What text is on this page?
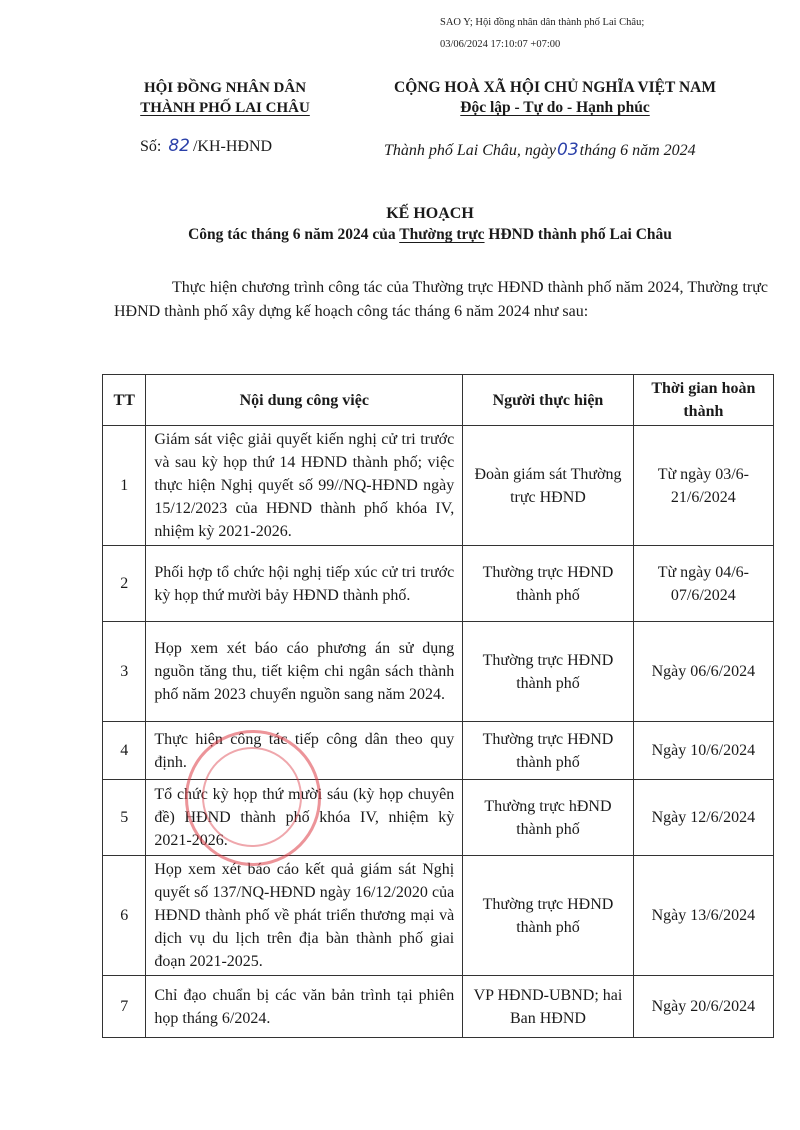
SAO Y; Hội đồng nhân dân thành phố Lai Châu;
03/06/2024 17:10:07 +07:00
HỘI ĐỒNG NHÂN DÂN
THÀNH PHỐ LAI CHÂU
CỘNG HOÀ XÃ HỘI CHỦ NGHĨA VIỆT NAM
Độc lập - Tự do - Hạnh phúc
Số: 82 /KH-HĐND	Thành phố Lai Châu, ngày03tháng 6 năm 2024
KẾ HOẠCH
Công tác tháng 6 năm 2024 của Thường trực HĐND thành phố Lai Châu
Thực hiện chương trình công tác của Thường trực HĐND thành phố năm 2024, Thường trực HĐND thành phố xây dựng kế hoạch công tác tháng 6 năm 2024 như sau:
TT	Nội dung công việc	Người thực hiện	Thời gian hoàn thành
1	Giám sát việc giải quyết kiến nghị cử tri trước và sau kỳ họp thứ 14 HĐND thành phố; việc thực hiện Nghị quyết số 99//NQ-HĐND ngày 15/12/2023 của HĐND thành phố khóa IV, nhiệm kỳ 2021-2026.	Đoàn giám sát Thường trực HĐND	Từ ngày 03/6-21/6/2024
2	Phối hợp tổ chức hội nghị tiếp xúc cử tri trước kỳ họp thứ mười bảy HĐND thành phố.	Thường trực HĐND thành phố	Từ ngày 04/6- 07/6/2024
3	Họp xem xét báo cáo phương án sử dụng nguồn tăng thu, tiết kiệm chi ngân sách thành phố năm 2023 chuyển nguồn sang năm 2024.	Thường trực HĐND thành phố	Ngày 06/6/2024
4	Thực hiện công tác tiếp công dân theo quy định.	Thường trực HĐND thành phố	Ngày 10/6/2024
5	Tổ chức kỳ họp thứ mười sáu (kỳ họp chuyên đề) HĐND thành phố khóa IV, nhiệm kỳ 2021-2026.	Thường trực hĐND thành phố	Ngày 12/6/2024
6	Họp xem xét báo cáo kết quả giám sát Nghị quyết số 137/NQ-HĐND ngày 16/12/2020 của HĐND thành phố về phát triển thương mại và dịch vụ du lịch trên địa bàn thành phố giai đoạn 2021-2025.	Thường trực HĐND thành phố	Ngày 13/6/2024
7	Chỉ đạo chuẩn bị các văn bản trình tại phiên họp tháng 6/2024.	VP HĐND-UBND; hai Ban HĐND	Ngày 20/6/2024
